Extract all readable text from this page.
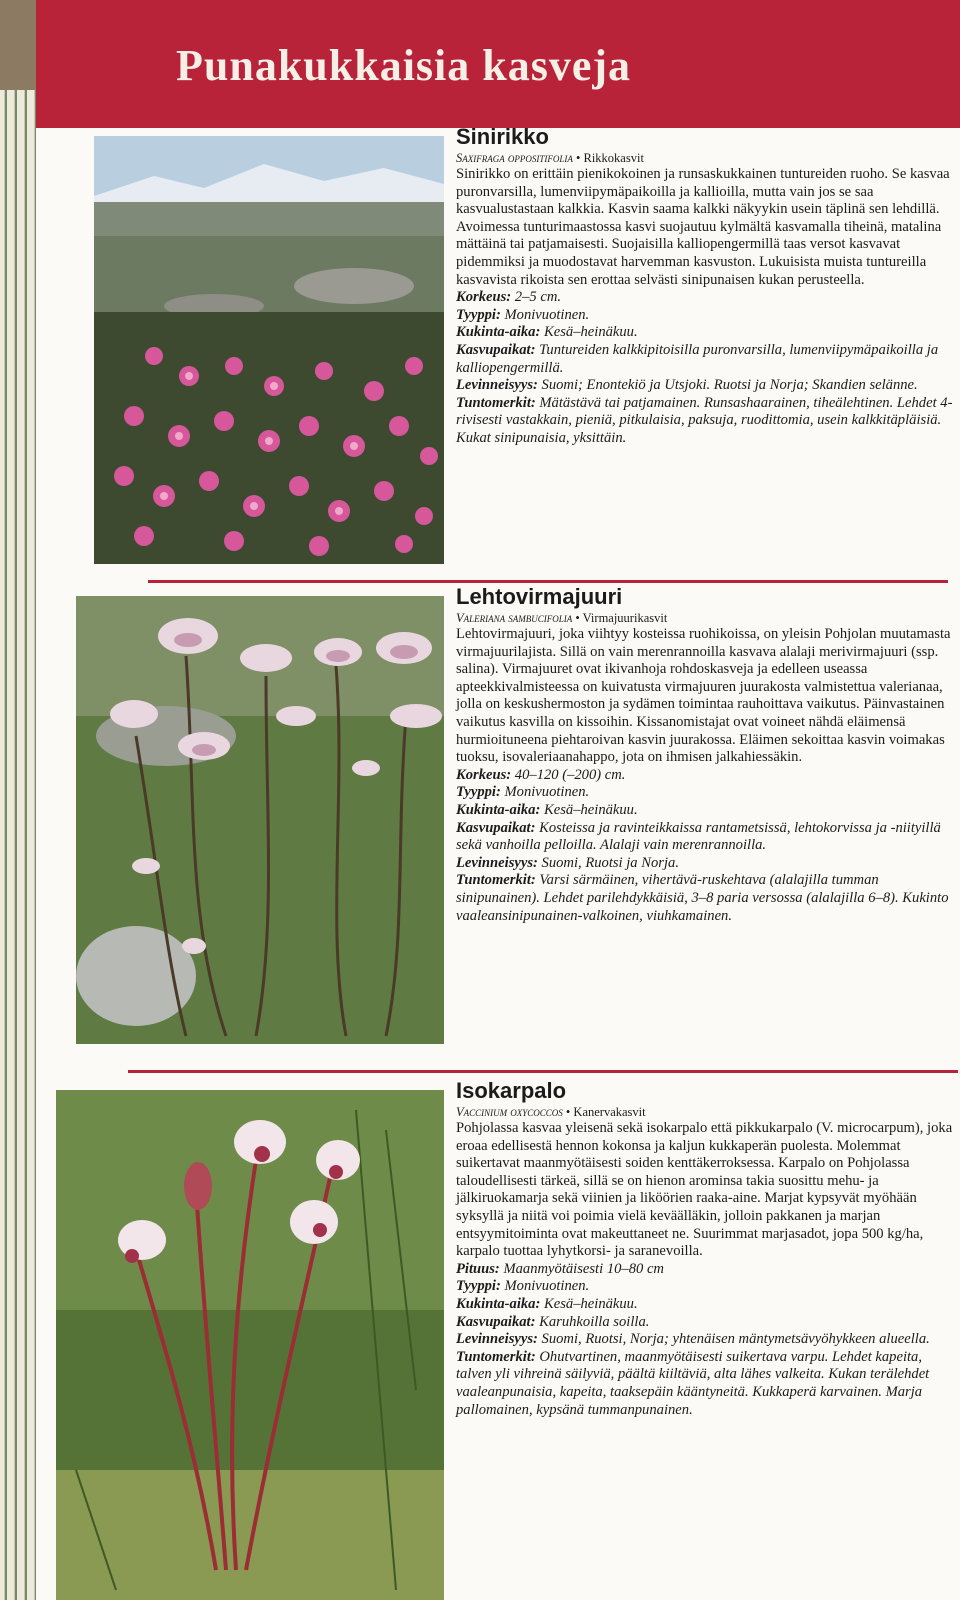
Punakukkaisia kasveja
Sinirikko
Saxifraga oppositifolia • Rikkokasvit

Sinirikko on erittäin pienikokoinen ja runsaskukkainen tuntureiden ruoho. Se kasvaa puronvarsilla, lumenviipymäpaikoilla ja kallioilla, mutta vain jos se saa kasvualustastaan kalkkia. Kasvin saama kalkki näkyykin usein täplinä sen lehdillä. Avoimessa tunturimaastossa kasvi suojautuu kylmältä kasvamalla tiheinä, matalina mättäinä tai patjamaisesti. Suojaisilla kalliopengermillä taas versot kasvavat pidemmiksi ja muodostavat harvemman kasvuston. Lukuisista muista tuntureilla kasvavista rikoista sen erottaa selvästi sinipunaisen kukan perusteella.

Korkeus: 2–5 cm.

Tyyppi: Monivuotinen.

Kukinta-aika: Kesä–heinäkuu.

Kasvupaikat: Tuntureiden kalkkipitoisilla puronvarsilla, lumenviipymäpaikoilla ja kalliopengermillä.

Levinneisyys: Suomi; Enontekiö ja Utsjoki. Ruotsi ja Norja; Skandien selänne.

Tuntomerkit: Mätästävä tai patjamainen. Runsashaarainen, tiheälehtinen. Lehdet 4-rivisesti vastakkain, pieniä, pitkulaisia, paksuja, ruodittomia, usein kalkkitäpläisiä. Kukat sinipunaisia, yksittäin.

Lehtovirmajuuri
Valeriana sambucifolia • Virmajuurikasvit

Lehtovirmajuuri, joka viihtyy kosteissa ruohikoissa, on yleisin Pohjolan muutamasta virmajuurilajista. Sillä on vain merenrannoilla kasvava alalaji merivirmajuuri (ssp. salina). Virmajuuret ovat ikivanhoja rohdoskasveja ja edelleen useassa apteekkivalmisteessa on kuivatusta virmajuuren juurakosta valmistettua valerianaa, jolla on keskushermoston ja sydämen toimintaa rauhoittava vaikutus. Päinvastainen vaikutus kasvilla on kissoihin. Kissanomistajat ovat voineet nähdä eläimensä hurmioituneena piehtaroivan kasvin juurakossa. Eläimen sekoittaa kasvin voimakas tuoksu, isovaleriaanahappo, jota on ihmisen jalkahiessäkin.

Korkeus: 40–120 (–200) cm.

Tyyppi: Monivuotinen.

Kukinta-aika: Kesä–heinäkuu.

Kasvupaikat: Kosteissa ja ravinteikkaissa rantametsissä, lehtokorvissa ja -niityillä sekä vanhoilla pelloilla. Alalaji vain merenrannoilla.

Levinneisyys: Suomi, Ruotsi ja Norja.

Tuntomerkit: Varsi särmäinen, vihertävä-ruskehtava (alalajilla tumman sinipunainen). Lehdet parilehdykkäisiä, 3–8 paria versossa (alalajilla 6–8). Kukinto vaaleansinipunainen-valkoinen, viuhkamainen.

Isokarpalo
Vaccinium oxycoccos • Kanervakasvit

Pohjolassa kasvaa yleisenä sekä isokarpalo että pikkukarpalo (V. microcarpum), joka eroaa edellisestä hennon kokonsa ja kaljun kukkaperän puolesta. Molemmat suikertavat maanmyötäisesti soiden kenttäkerroksessa. Karpalo on Pohjolassa taloudellisesti tärkeä, sillä se on hienon arominsa takia suosittu mehu- ja jälkiruokamarja sekä viinien ja liköörien raaka-aine. Marjat kypsyvät myöhään syksyllä ja niitä voi poimia vielä keväälläkin, jolloin pakkanen ja marjan entsyymitoiminta ovat makeuttaneet ne. Suurimmat marjasadot, jopa 500 kg/ha, karpalo tuottaa lyhytkorsi- ja saranevoilla.

Pituus: Maanmyötäisesti 10–80 cm

Tyyppi: Monivuotinen.

Kukinta-aika: Kesä–heinäkuu.

Kasvupaikat: Karuhkoilla soilla.

Levinneisyys: Suomi, Ruotsi, Norja; yhtenäisen mäntymetsävyöhykkeen alueella.

Tuntomerkit: Ohutvartinen, maanmyötäisesti suikertava varpu. Lehdet kapeita, talven yli vihreinä säilyviä, päältä kiiltäviä, alta lähes valkeita. Kukan terälehdet vaaleanpunaisia, kapeita, taaksepäin kääntyneitä. Kukkaperä karvainen. Marja pallomainen, kypsänä tummanpunainen.
